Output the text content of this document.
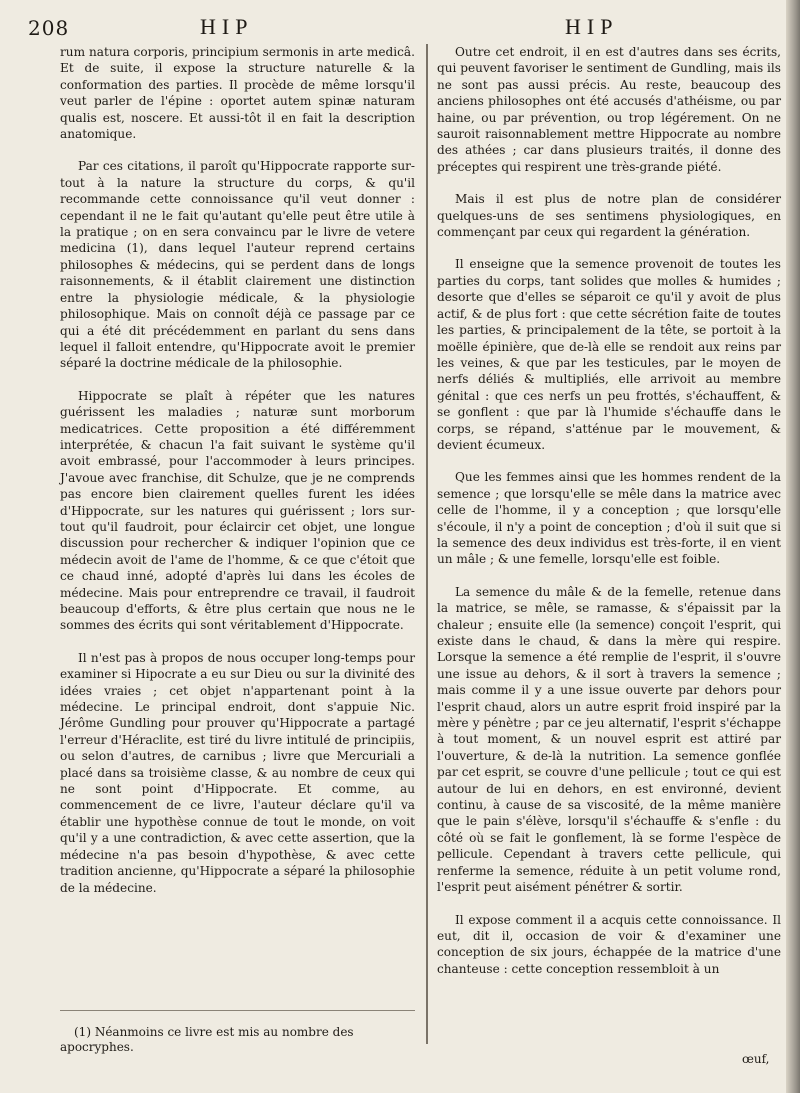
208	HIP	HIP

rum natura corporis, principium sermonis in arte medicâ. Et de suite, il expose la structure naturelle & la conformation des parties. Il procède de même lorsqu'il veut parler de l'épine : oportet autem spinæ naturam qualis est, noscere. Et aussi-tôt il en fait la description anatomique.

Par ces citations, il paroît qu'Hippocrate rapporte sur-tout à la nature la structure du corps, & qu'il recommande cette connoissance qu'il veut donner : cependant il ne le fait qu'autant qu'elle peut être utile à la pratique ; on en sera convaincu par le livre de vetere medicina (1), dans lequel l'auteur reprend certains philosophes & médecins, qui se perdent dans de longs raisonnements, & il établit clairement une distinction entre la physiologie médicale, & la physiologie philosophique. Mais on connoît déjà ce passage par ce qui a été dit précédemment en parlant du sens dans lequel il falloit entendre, qu'Hippocrate avoit le premier séparé la doctrine médicale de la philosophie.

Hippocrate se plaît à répéter que les natures guérissent les maladies ; naturæ sunt morborum medicatrices. Cette proposition a été différemment interprétée, & chacun l'a fait suivant le système qu'il avoit embrassé, pour l'accommoder à leurs principes. J'avoue avec franchise, dit Schulze, que je ne comprends pas encore bien clairement quelles furent les idées d'Hippocrate, sur les natures qui guérissent ; lors sur-tout qu'il faudroit, pour éclaircir cet objet, une longue discussion pour rechercher & indiquer l'opinion que ce médecin avoit de l'ame de l'homme, & ce que c'étoit que ce chaud inné, adopté d'après lui dans les écoles de médecine. Mais pour entreprendre ce travail, il faudroit beaucoup d'efforts, & être plus certain que nous ne le sommes des écrits qui sont véritablement d'Hippocrate.

Il n'est pas à propos de nous occuper long-temps pour examiner si Hipocrate a eu sur Dieu ou sur la divinité des idées vraies ; cet objet n'appartenant point à la médecine. Le principal endroit, dont s'appuie Nic. Jérôme Gundling pour prouver qu'Hippocrate a partagé l'erreur d'Héraclite, est tiré du livre intitulé de principiis, ou selon d'autres, de carnibus ; livre que Mercuriali a placé dans sa troisième classe, & au nombre de ceux qui ne sont point d'Hippocrate. Et comme, au commencement de ce livre, l'auteur déclare qu'il va établir une hypothèse connue de tout le monde, on voit qu'il y a une contradiction, & avec cette assertion, que la médecine n'a pas besoin d'hypothèse, & avec cette tradition ancienne, qu'Hippocrate a séparé la philosophie de la médecine.

(1) Néanmoins ce livre est mis au nombre des apocryphes.

Outre cet endroit, il en est d'autres dans ses écrits, qui peuvent favoriser le sentiment de Gundling, mais ils ne sont pas aussi précis. Au reste, beaucoup des anciens philosophes ont été accusés d'athéisme, ou par haine, ou par prévention, ou trop légérement. On ne sauroit raisonnablement mettre Hippocrate au nombre des athées ; car dans plusieurs traités, il donne des préceptes qui respirent une très-grande piété.

Mais il est plus de notre plan de considérer quelques-uns de ses sentimens physiologiques, en commençant par ceux qui regardent la génération.

Il enseigne que la semence provenoit de toutes les parties du corps, tant solides que molles & humides ; desorte que d'elles se séparoit ce qu'il y avoit de plus actif, & de plus fort : que cette sécrétion faite de toutes les parties, & principalement de la tête, se portoit à la moëlle épinière, que de-là elle se rendoit aux reins par les veines, & que par les testicules, par le moyen de nerfs déliés & multipliés, elle arrivoit au membre génital : que ces nerfs un peu frottés, s'échauffent, & se gonflent : que par là l'humide s'échauffe dans le corps, se répand, s'atténue par le mouvement, & devient écumeux.

Que les femmes ainsi que les hommes rendent de la semence ; que lorsqu'elle se mêle dans la matrice avec celle de l'homme, il y a conception ; que lorsqu'elle s'écoule, il n'y a point de conception ; d'où il suit que si la semence des deux individus est très-forte, il en vient un mâle ; & une femelle, lorsqu'elle est foible.

La semence du mâle & de la femelle, retenue dans la matrice, se mêle, se ramasse, & s'épaissit par la chaleur ; ensuite elle (la semence) conçoit l'esprit, qui existe dans le chaud, & dans la mère qui respire. Lorsque la semence a été remplie de l'esprit, il s'ouvre une issue au dehors, & il sort à travers la semence ; mais comme il y a une issue ouverte par dehors pour l'esprit chaud, alors un autre esprit froid inspiré par la mère y pénètre ; par ce jeu alternatif, l'esprit s'échappe à tout moment, & un nouvel esprit est attiré par l'ouverture, & de-là la nutrition. La semence gonflée par cet esprit, se couvre d'une pellicule ; tout ce qui est autour de lui en dehors, en est environné, devient continu, à cause de sa viscosité, de la même manière que le pain s'élève, lorsqu'il s'échauffe & s'enfle : du côté où se fait le gonflement, là se forme l'espèce de pellicule. Cependant à travers cette pellicule, qui renferme la semence, réduite à un petit volume rond, l'esprit peut aisément pénétrer & sortir.

Il expose comment il a acquis cette connoissance. Il eut, dit il, occasion de voir & d'examiner une conception de six jours, échappée de la matrice d'une chanteuse : cette conception ressembloit à un

œuf,
